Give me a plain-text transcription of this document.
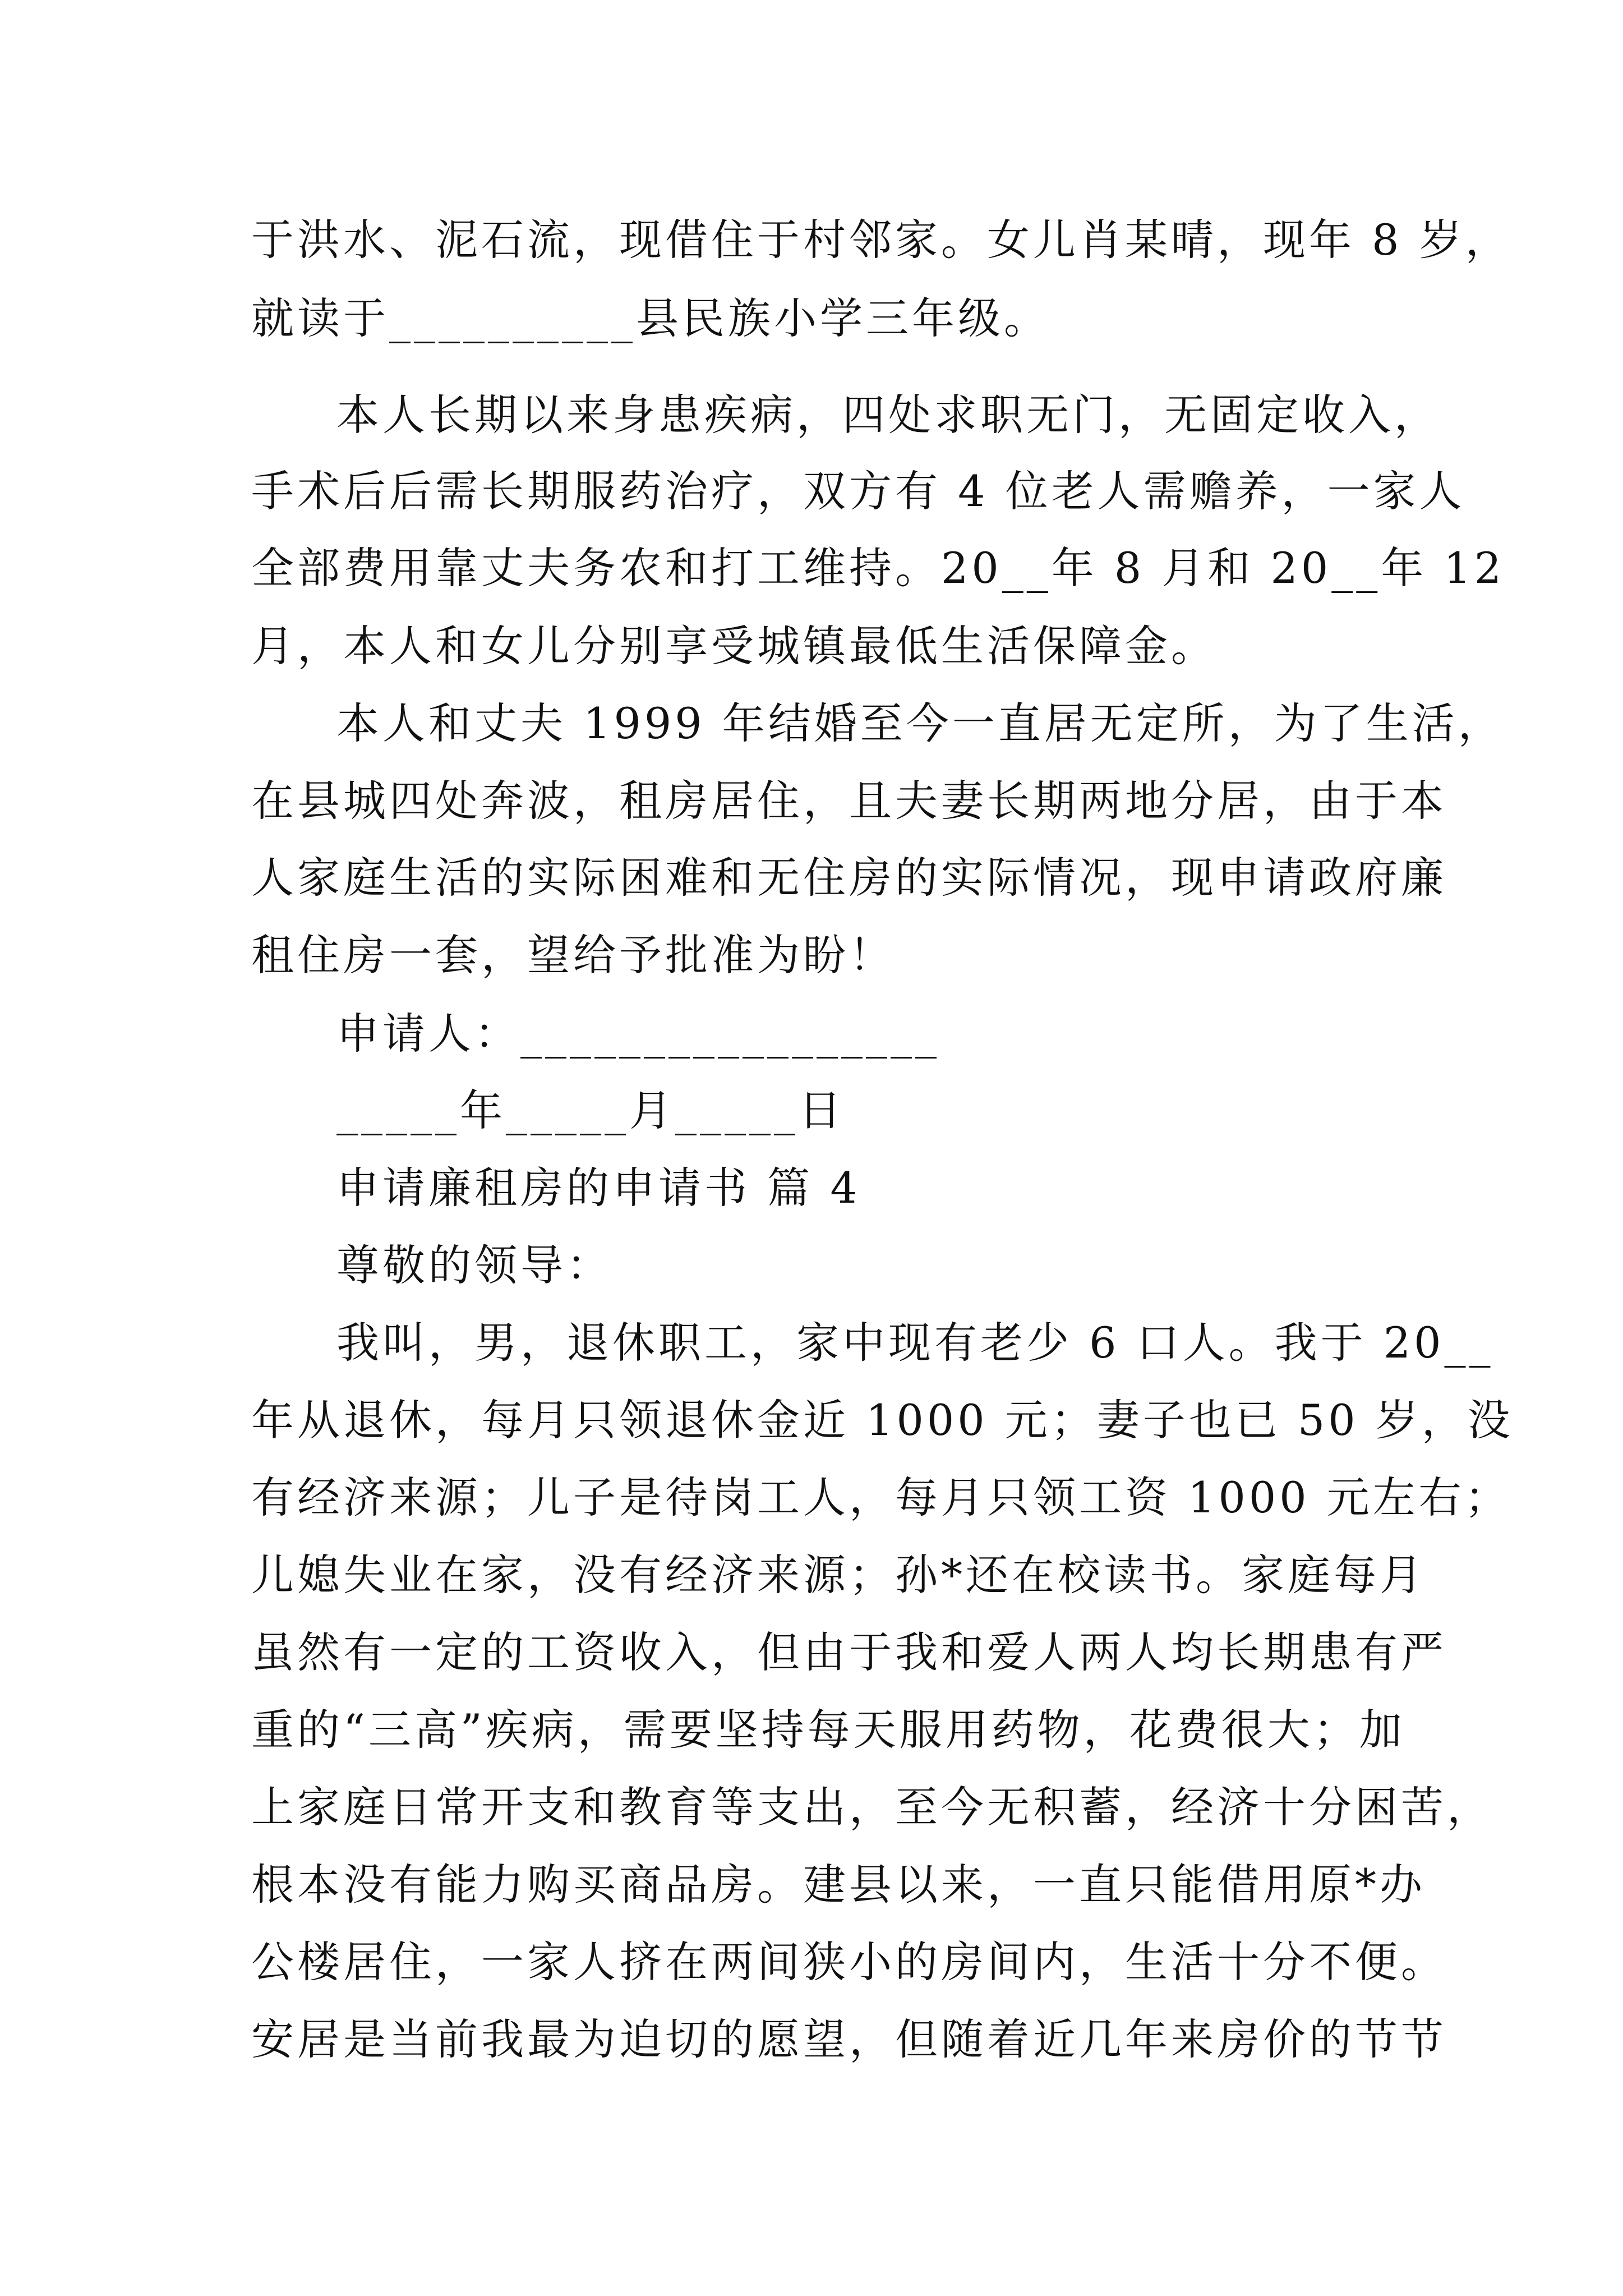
于洪水、泥石流，现借住于村邻家。女儿肖某晴，现年 8 岁，
就读于__________县民族小学三年级。
本人长期以来身患疾病，四处求职无门，无固定收入，
手术后后需长期服药治疗，双方有 4 位老人需赡养，一家人
全部费用靠丈夫务农和打工维持。20__年 8 月和 20__年 12
月，本人和女儿分别享受城镇最低生活保障金。
本人和丈夫 1999 年结婚至今一直居无定所，为了生活，
在县城四处奔波，租房居住，且夫妻长期两地分居，由于本
人家庭生活的实际困难和无住房的实际情况，现申请政府廉
租住房一套，望给予批准为盼！
申请人：_________________
_____年_____月_____日
申请廉租房的申请书 篇 4
尊敬的领导：
我叫，男，退休职工，家中现有老少 6 口人。我于 20__
年从退休，每月只领退休金近 1000 元；妻子也已 50 岁，没
有经济来源；儿子是待岗工人，每月只领工资 1000 元左右；
儿媳失业在家，没有经济来源；孙*还在校读书。家庭每月
虽然有一定的工资收入，但由于我和爱人两人均长期患有严
重的“三高”疾病，需要坚持每天服用药物，花费很大；加
上家庭日常开支和教育等支出，至今无积蓄，经济十分困苦，
根本没有能力购买商品房。建县以来，一直只能借用原*办
公楼居住，一家人挤在两间狭小的房间内，生活十分不便。
安居是当前我最为迫切的愿望，但随着近几年来房价的节节
